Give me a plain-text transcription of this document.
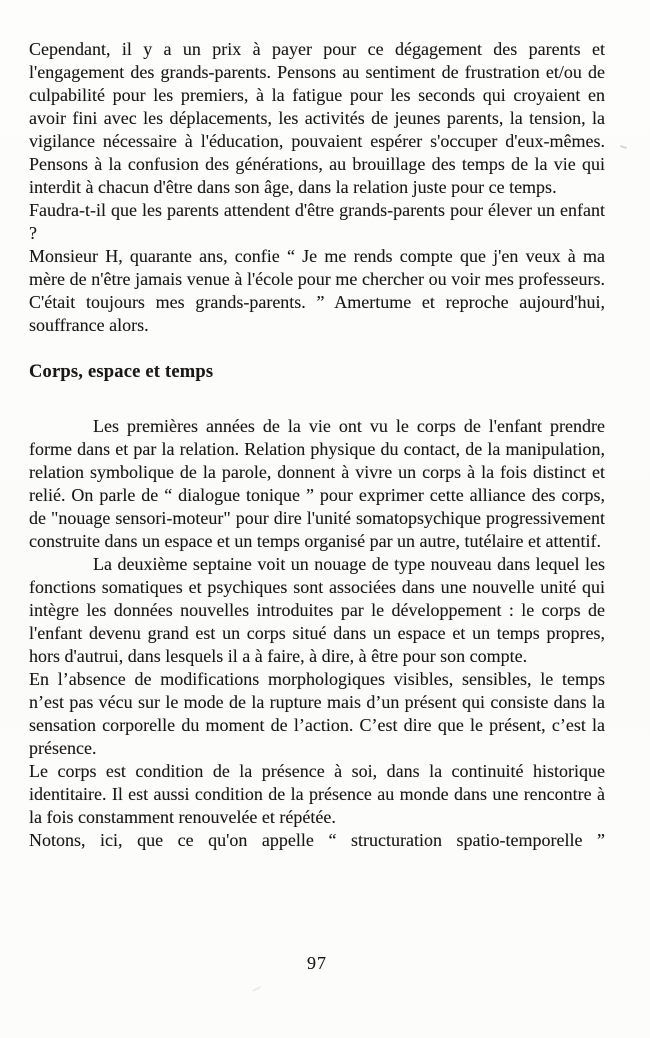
Cependant, il y a un prix à payer pour ce dégagement des parents et l'engagement des grands-parents. Pensons au sentiment de frustration et/ou de culpabilité pour les premiers, à la fatigue pour les seconds qui croyaient en avoir fini avec les déplacements, les activités de jeunes parents, la tension, la vigilance nécessaire à l'éducation, pouvaient espérer s'occuper d'eux-mêmes. Pensons à la confusion des générations, au brouillage des temps de la vie qui interdit à chacun d'être dans son âge, dans la relation juste pour ce temps.

Faudra-t-il que les parents attendent d'être grands-parents pour élever un enfant ?

Monsieur H, quarante ans, confie “ Je me rends compte que j'en veux à ma mère de n'être jamais venue à l'école pour me chercher ou voir mes professeurs. C'était toujours mes grands-parents. ” Amertume et reproche aujourd'hui, souffrance alors.

Corps, espace et temps

Les premières années de la vie ont vu le corps de l'enfant prendre forme dans et par la relation. Relation physique du contact, de la manipulation, relation symbolique de la parole, donnent à vivre un corps à la fois distinct et relié. On parle de “ dialogue tonique ” pour exprimer cette alliance des corps, de "nouage sensori-moteur" pour dire l'unité somatopsychique progressivement construite dans un espace et un temps organisé par un autre, tutélaire et attentif.

La deuxième septaine voit un nouage de type nouveau dans lequel les fonctions somatiques et psychiques sont associées dans une nouvelle unité qui intègre les données nouvelles introduites par le développement : le corps de l'enfant devenu grand est un corps situé dans un espace et un temps propres, hors d'autrui, dans lesquels il a à faire, à dire, à être pour son compte.

En l’absence de modifications morphologiques visibles, sensibles, le temps n’est pas vécu sur le mode de la rupture mais d’un présent qui consiste dans la sensation corporelle du moment de l’action. C’est dire que le présent, c’est la présence.

Le corps est condition de la présence à soi, dans la continuité historique identitaire. Il est aussi condition de la présence au monde dans une rencontre à la fois constamment renouvelée et répétée.

Notons, ici, que ce qu'on appelle “ structuration spatio-temporelle ”

97
